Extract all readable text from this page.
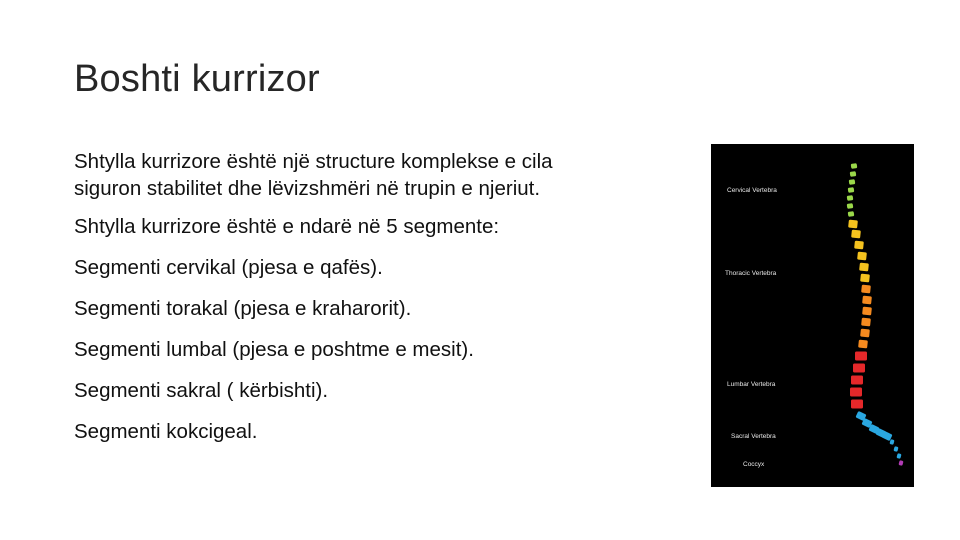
Boshti kurrizor
Shtylla kurrizore është një structure komplekse e cila
siguron stabilitet dhe lëvizshmëri në trupin e njeriut.
Shtylla kurrizore është e ndarë në 5 segmente:
Segmenti cervikal (pjesa e qafës).
Segmenti torakal (pjesa e kraharorit).
Segmenti lumbal (pjesa e poshtme e mesit).
Segmenti sakral ( kërbishti).
Segmenti kokcigeal.
Cervical Vertebra
Thoracic Vertebra
Lumbar Vertebra
Sacral Vertebra
Coccyx
